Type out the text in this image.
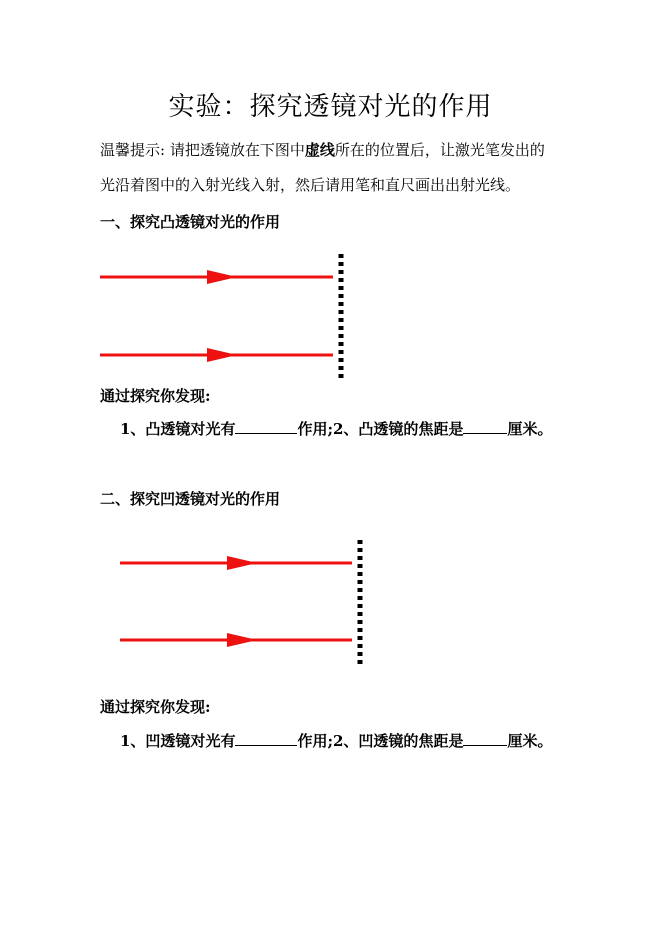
实验：探究透镜对光的作用
温馨提示: 请把透镜放在下图中虚线所在的位置后，让激光笔发出的
光沿着图中的入射光线入射，然后请用笔和直尺画出出射光线。
一、探究凸透镜对光的作用
通过探究你发现:
1、凸透镜对光有	作用;2、凸透镜的焦距是	厘米。
二、探究凹透镜对光的作用
通过探究你发现:
1、凹透镜对光有	作用;2、凹透镜的焦距是	厘米。
